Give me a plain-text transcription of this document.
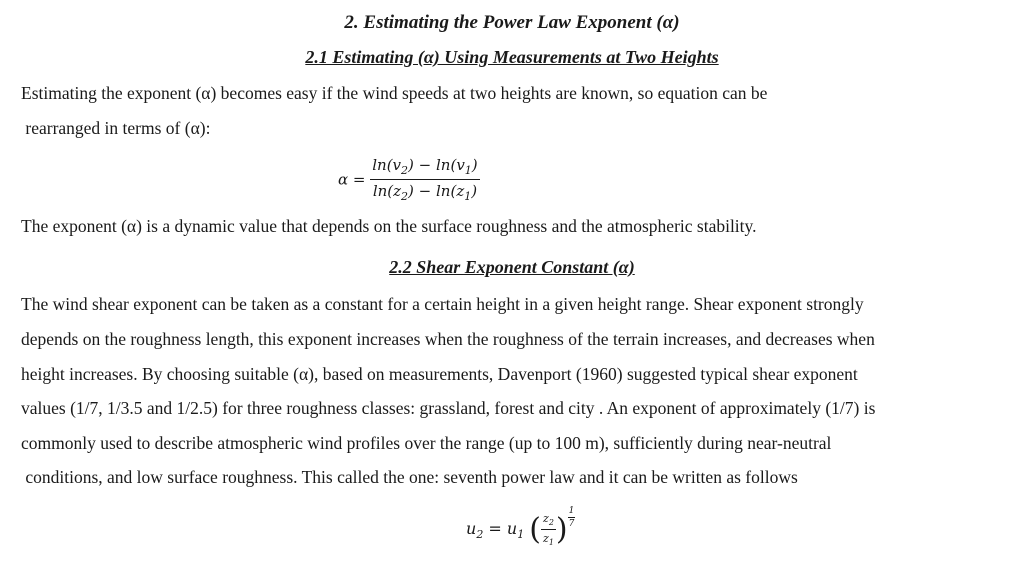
2. Estimating the Power Law Exponent (α)
2.1 Estimating (α) Using Measurements at Two Heights
Estimating the exponent (α) becomes easy if the wind speeds at two heights are known, so equation can be
rearranged in terms of (α):
$\alpha = \frac{\ln(v_2) - \ln(v_1)}{\ln(z_2) - \ln(z_1)}$
The exponent (α) is a dynamic value that depends on the surface roughness and the atmospheric stability.
2.2 Shear Exponent Constant (α)
The wind shear exponent can be taken as a constant for a certain height in a given height range. Shear exponent strongly
depends on the roughness length, this exponent increases when the roughness of the terrain increases, and decreases when
height increases. By choosing suitable (α), based on measurements, Davenport (1960) suggested typical shear exponent
values (1/7, 1/3.5 and 1/2.5) for three roughness classes: grassland, forest and city . An exponent of approximately (1/7) is
commonly used to describe atmospheric wind profiles over the range (up to 100 m), sufficiently during near-neutral
conditions, and low surface roughness. This called the one: seventh power law and it can be written as follows
$u_2 = u_1$ ( $\frac{z_2}{z_1}$ ) $\frac{1}{7}$
